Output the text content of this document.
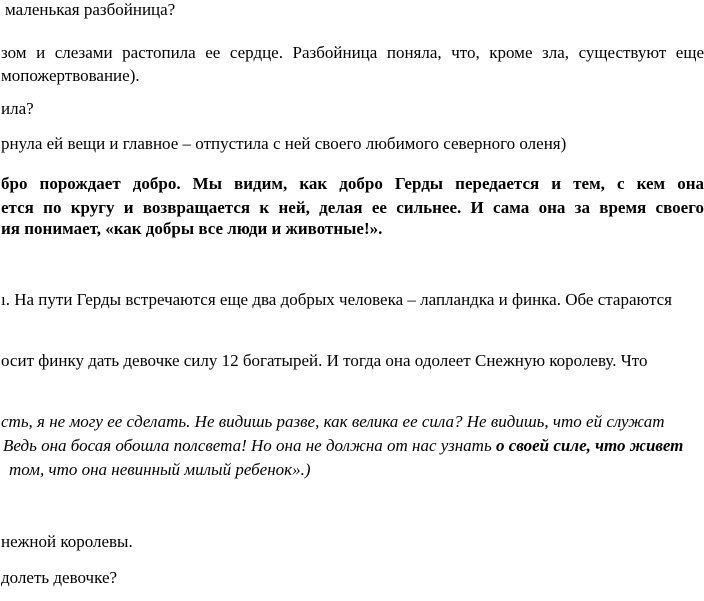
маленькая разбойница?
зом и слезами растопила ее сердце. Разбойница поняла, что, кроме зла, существуют еще
мопожертвование).
ила?
рнула ей вещи и главное – отпустила с ней своего любимого северного оленя)
бро порождает добро. Мы видим, как добро Герды передается и тем, с кем она
ется по кругу и возвращается к ней, делая ее сильнее. И сама она за время своего
ия понимает, «как добры все люди и животные!».
ı. На пути Герды встречаются еще два добрых человека – лапландка и финка. Обе стараются
осит финку дать девочке силу 12 богатырей. И тогда она одолеет Снежную королеву. Что
сть, я не могу ее сделать. Не видишь разве, как велика ее сила? Не видишь, что ей служат
Ведь она босая обошла полсвета! Но она не должна от нас узнать о своей силе, что живет
том, что она невинный милый ребенок».)
нежной королевы.
долеть девочке?
